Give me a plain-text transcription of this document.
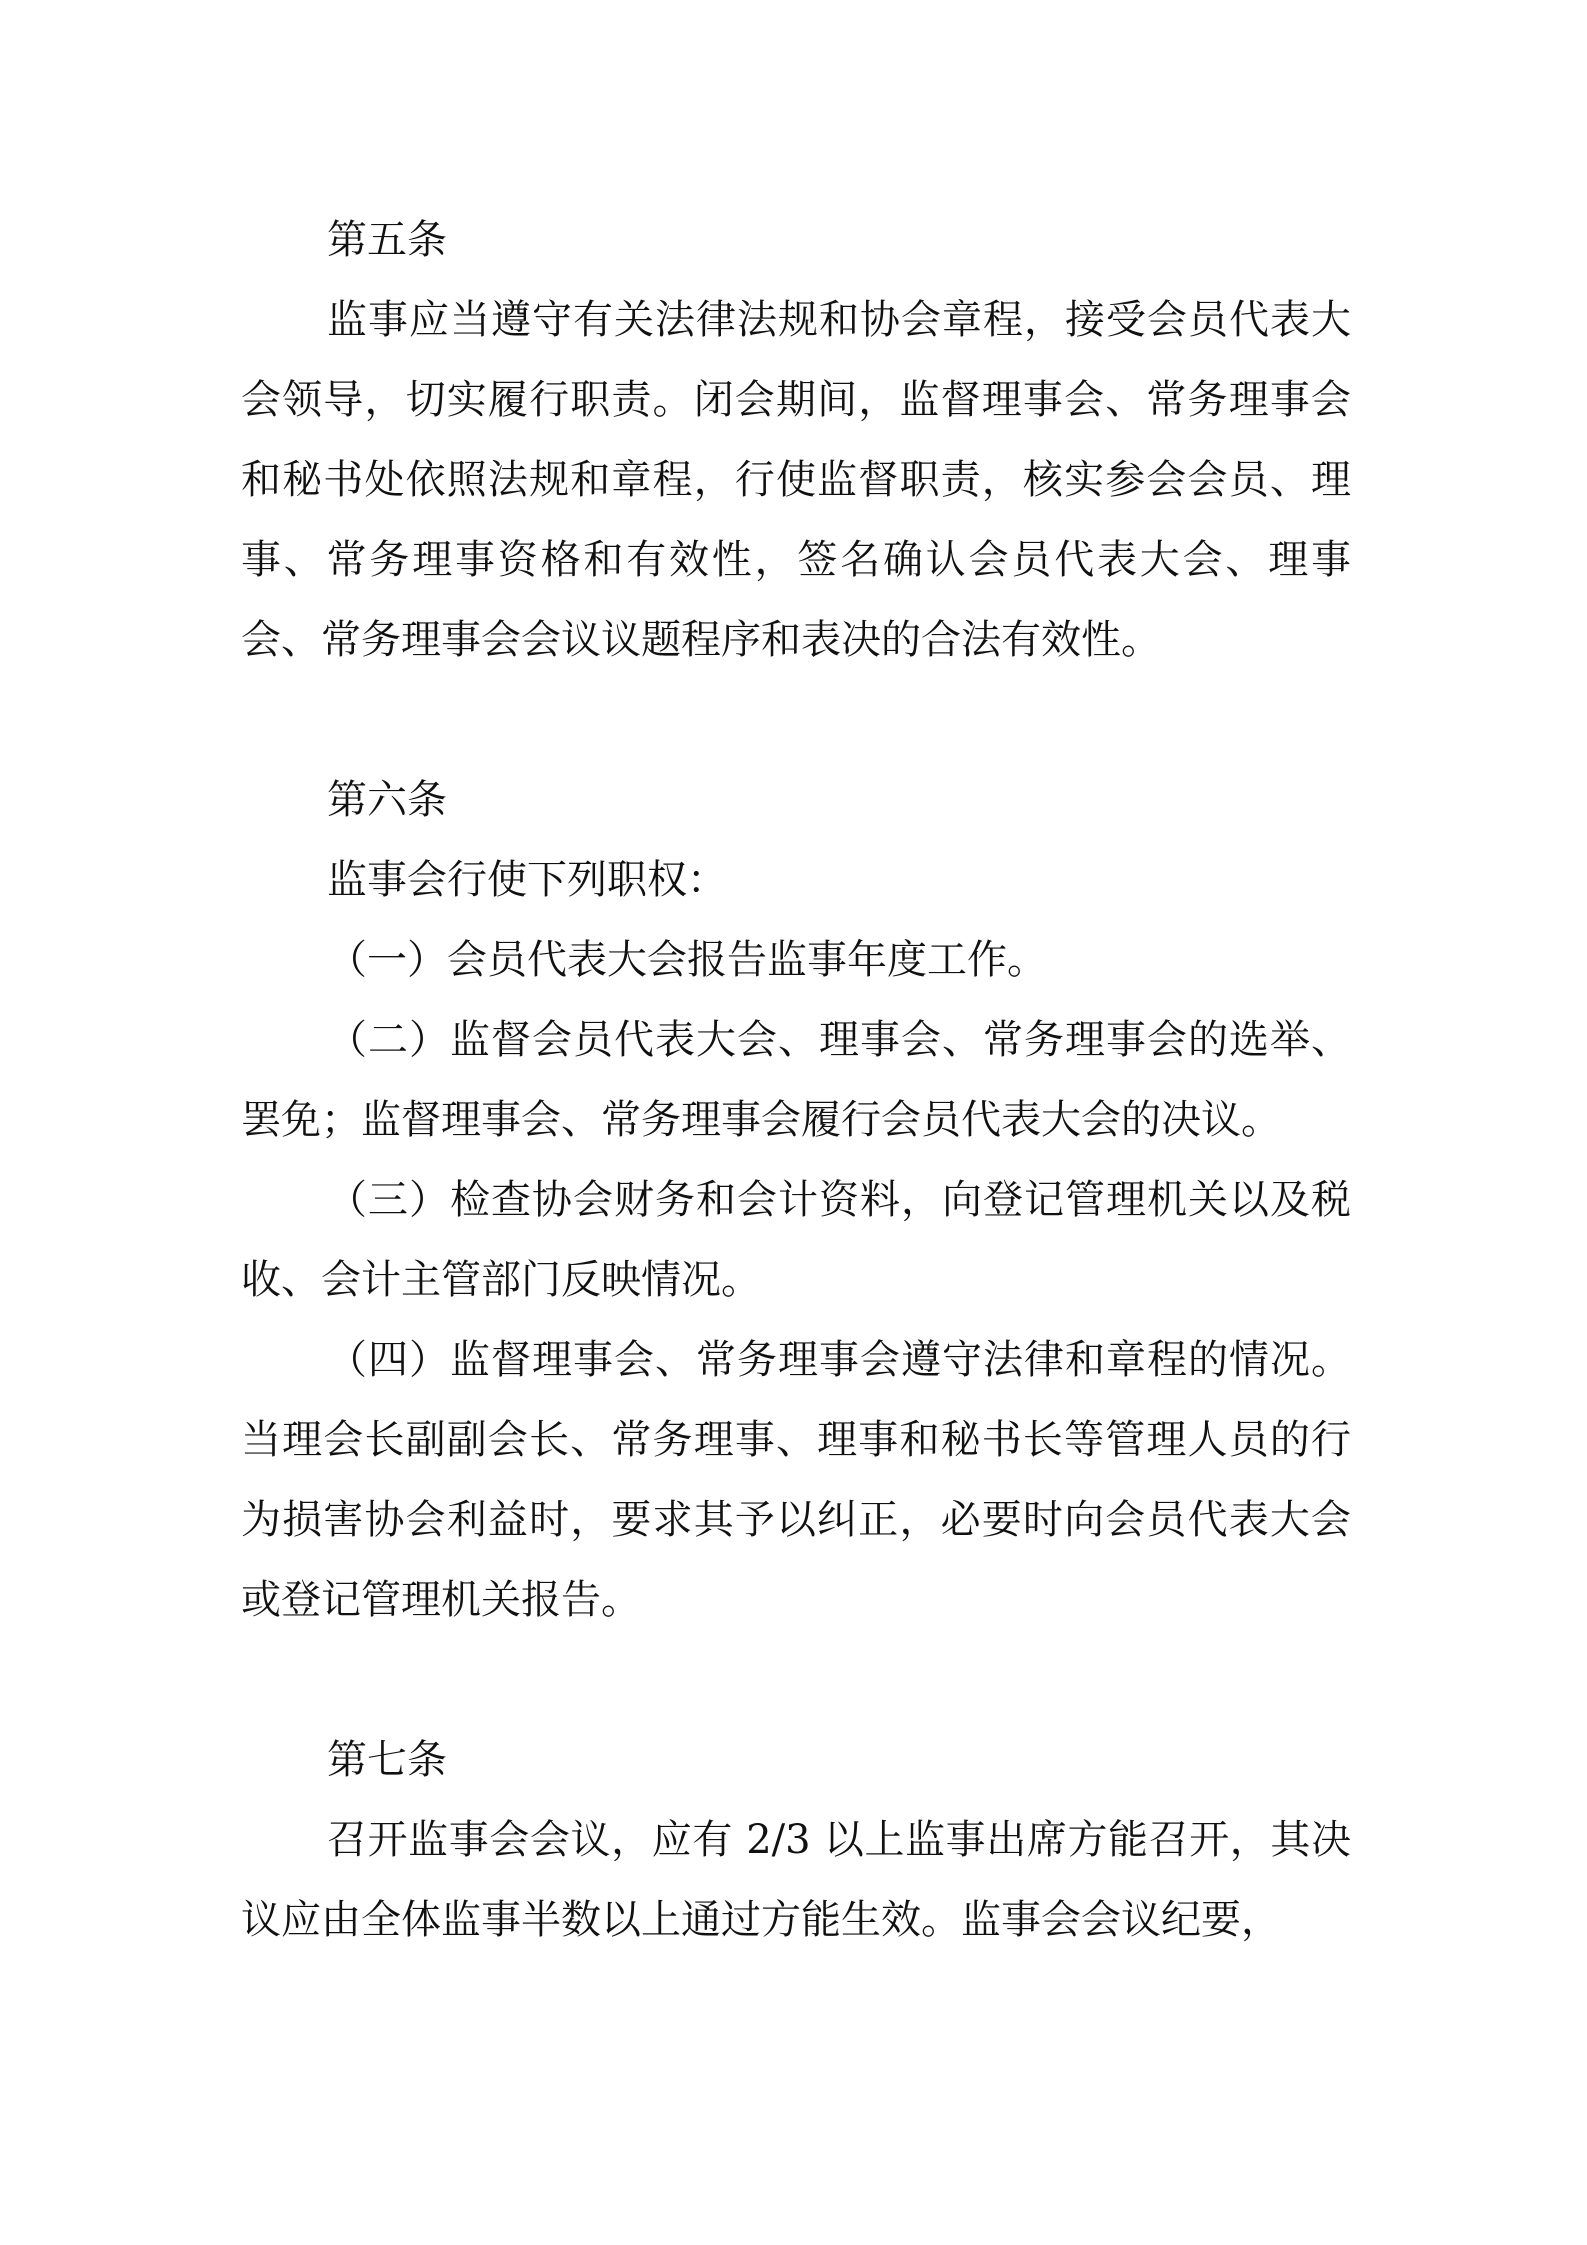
第五条

监事应当遵守有关法律法规和协会章程，接受会员代表大会领导，切实履行职责。闭会期间，监督理事会、常务理事会和秘书处依照法规和章程，行使监督职责，核实参会会员、理事、常务理事资格和有效性，签名确认会员代表大会、理事会、常务理事会会议议题程序和表决的合法有效性。

第六条

监事会行使下列职权：

（一）会员代表大会报告监事年度工作。

（二）监督会员代表大会、理事会、常务理事会的选举、罢免；监督理事会、常务理事会履行会员代表大会的决议。

（三）检查协会财务和会计资料，向登记管理机关以及税收、会计主管部门反映情况。

（四）监督理事会、常务理事会遵守法律和章程的情况。当理会长副副会长、常务理事、理事和秘书长等管理人员的行为损害协会利益时，要求其予以纠正，必要时向会员代表大会或登记管理机关报告。

第七条

召开监事会会议，应有 2/3 以上监事出席方能召开，其决议应由全体监事半数以上通过方能生效。监事会会议纪要，
